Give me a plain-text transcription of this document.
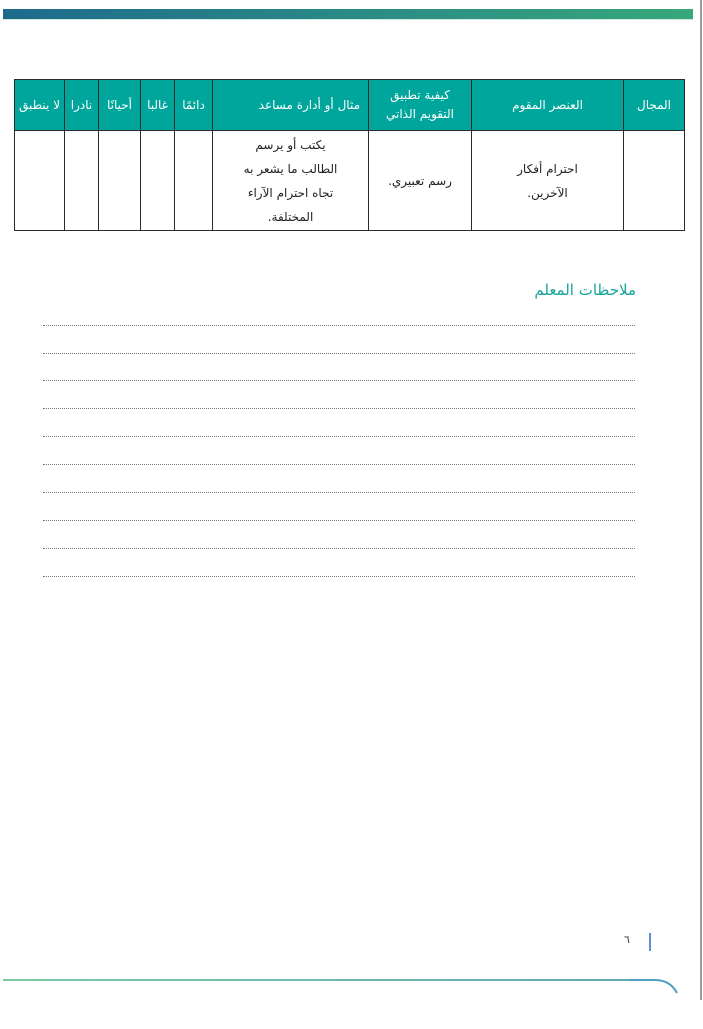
المجال	العنصر المقوم	كيفية تطبيق التقويم الذاتي	مثال أو أدارة مساعد	دائمًا	غالبا	أحيانًا	نادرا	لا ينطبق
	احترام أفكار الآخرين.	رسم تعبيري.	يكتب أو يرسم الطالب ما يشعر به تجاه احترام الآراء المختلفة.					
ملاحظات المعلم
٦
